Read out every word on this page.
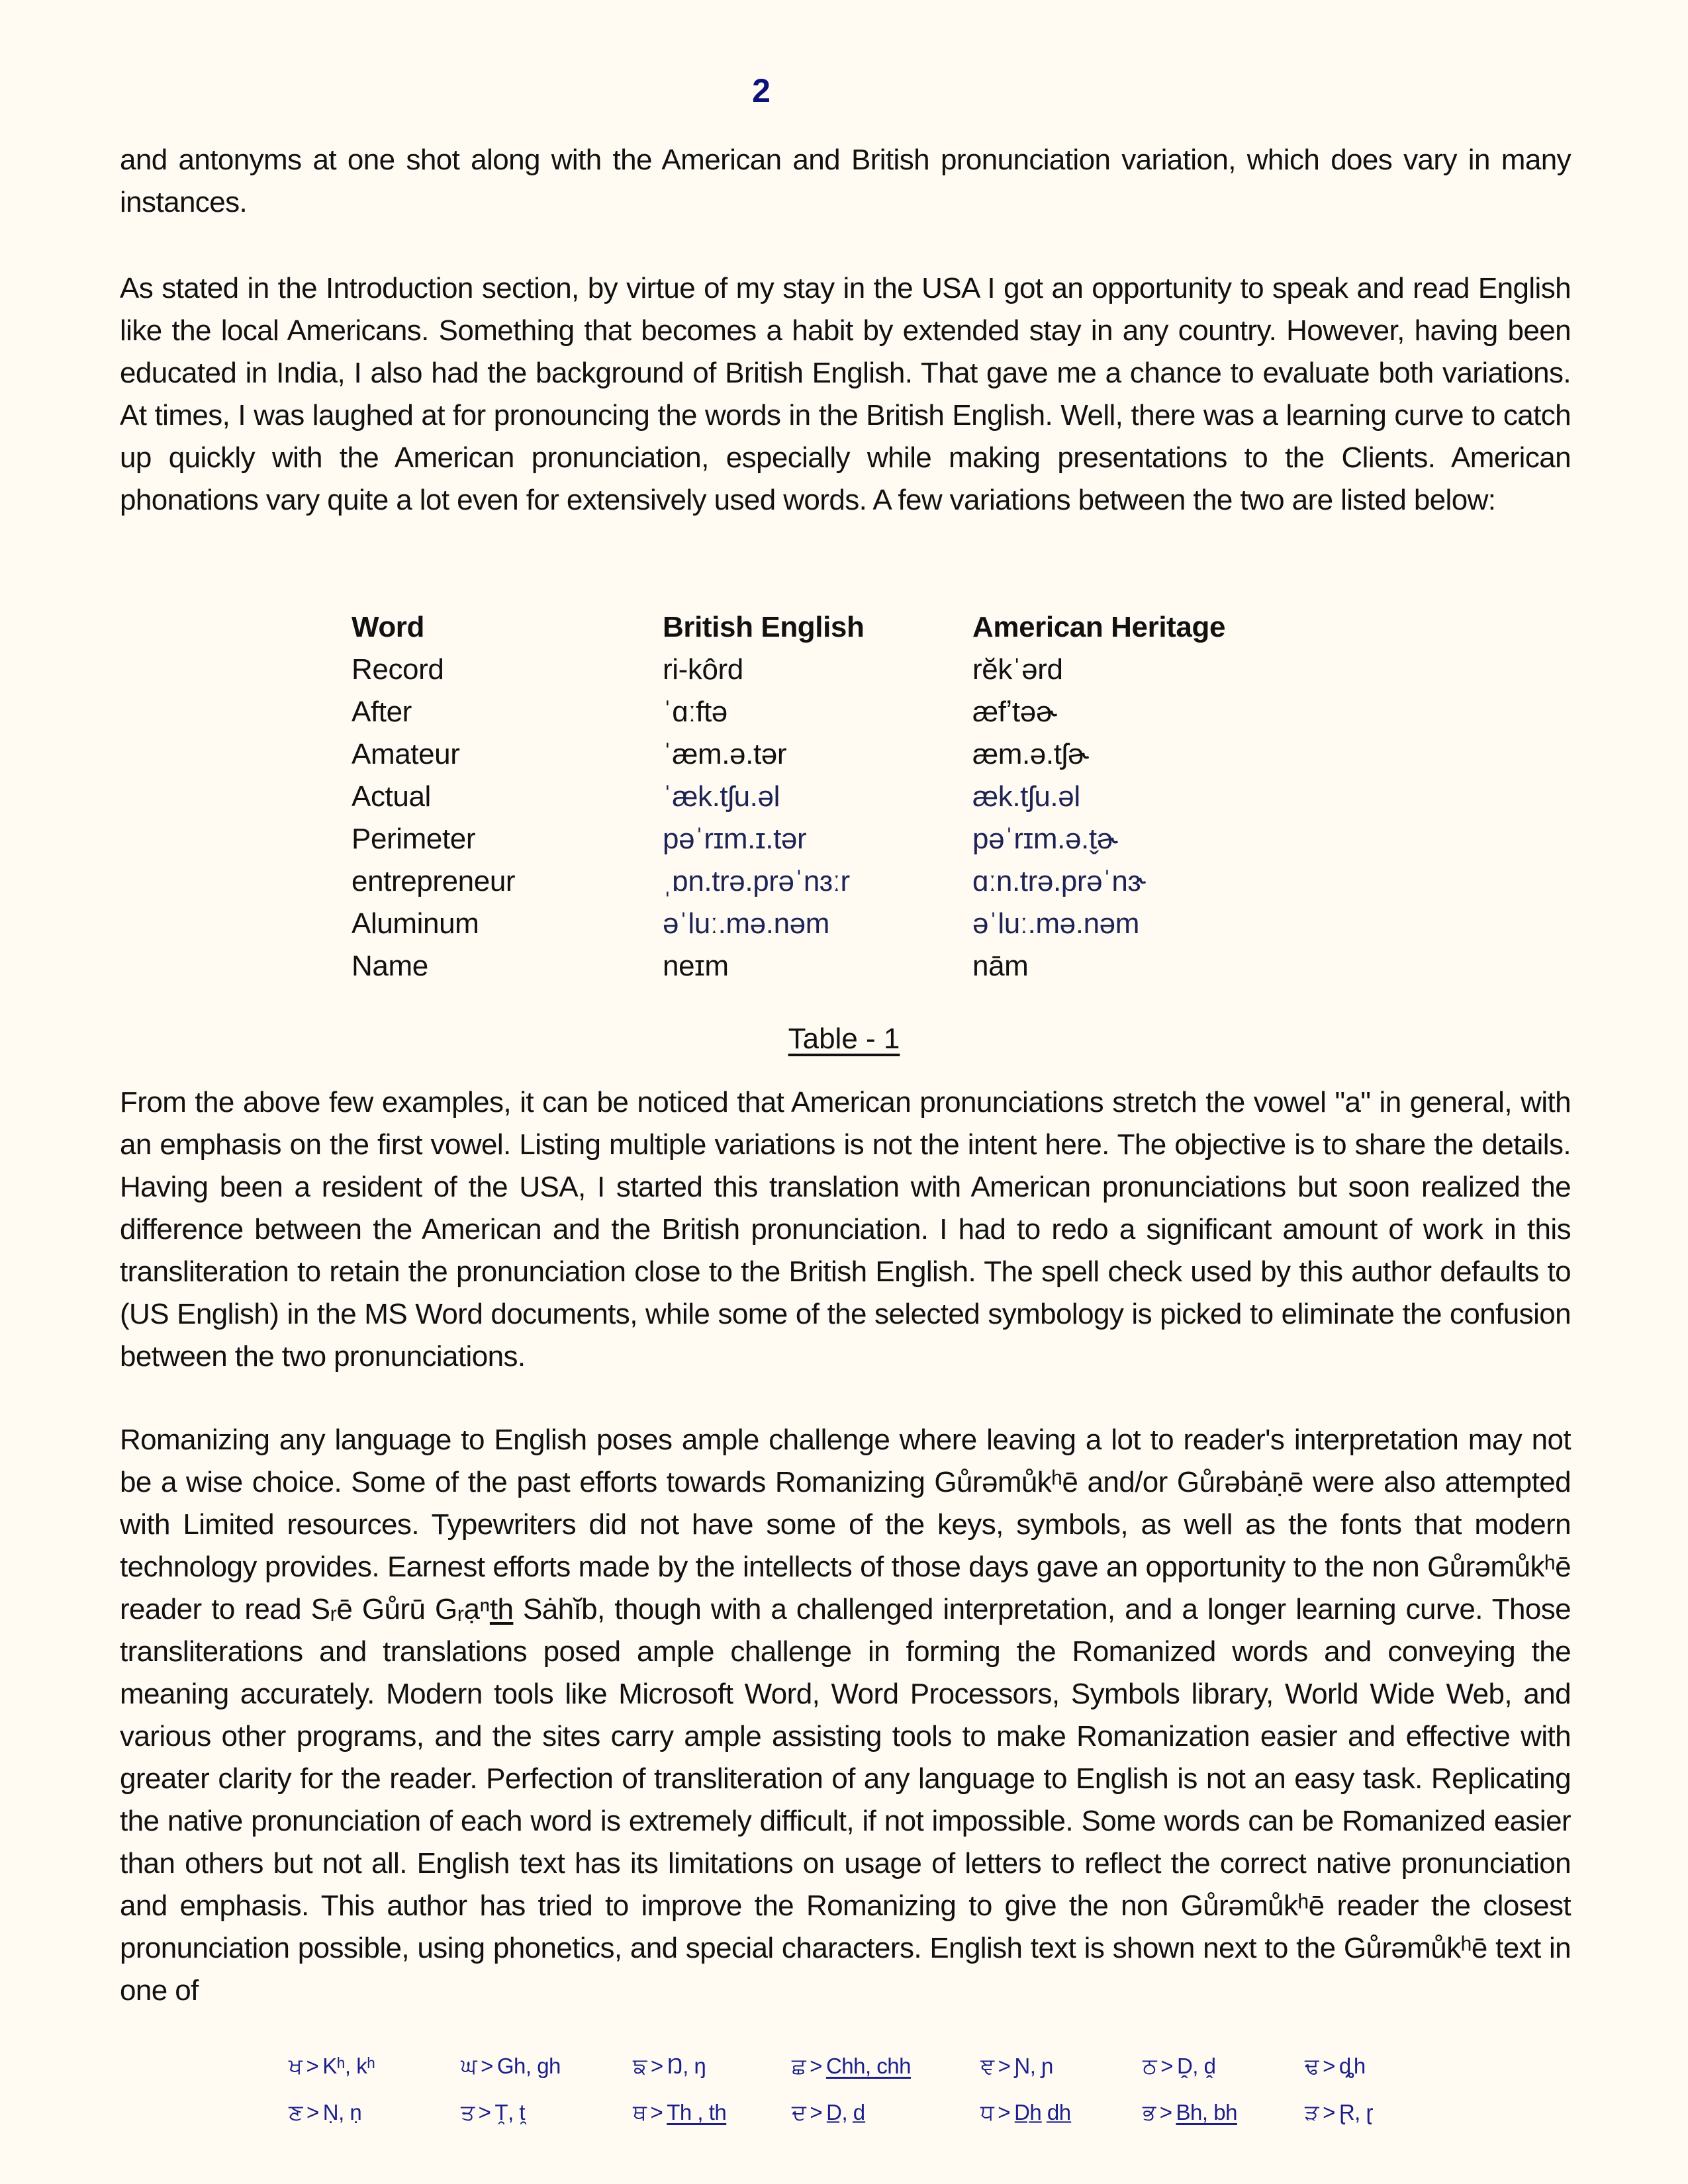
2

and antonyms at one shot along with the American and British pronunciation variation, which does vary in many instances.

As stated in the Introduction section, by virtue of my stay in the USA I got an opportunity to speak and read English like the local Americans. Something that becomes a habit by extended stay in any country. However, having been educated in India, I also had the background of British English. That gave me a chance to evaluate both variations. At times, I was laughed at for pronouncing the words in the British English. Well, there was a learning curve to catch up quickly with the American pronunciation, especially while making presentations to the Clients. American phonations vary quite a lot even for extensively used words. A few variations between the two are listed below:

Word	British English	American Heritage
Record	ri-kôrd	rĕkˈərd
After	ˈɑːftə	æfʼtəɚ
Amateur	ˈæm.ə.tər	æm.ə.tʃɚ
Actual	ˈæk.tʃu.əl	æk.tʃu.əl
Perimeter	pəˈrɪm.ɪ.tər	pəˈrɪm.ə.t̬ɚ
entrepreneur	ˌɒn.trə.prəˈnɜːr	ɑːn.trə.prəˈnɝ
Aluminum	əˈluː.mə.nəm	əˈluː.mə.nəm
Name	neɪm	nām
Table - 1

From the above few examples, it can be noticed that American pronunciations stretch the vowel "a" in general, with an emphasis on the first vowel. Listing multiple variations is not the intent here. The objective is to share the details. Having been a resident of the USA, I started this translation with American pronunciations but soon realized the difference between the American and the British pronunciation. I had to redo a significant amount of work in this transliteration to retain the pronunciation close to the British English. The spell check used by this author defaults to (US English) in the MS Word documents, while some of the selected symbology is picked to eliminate the confusion between the two pronunciations.

Romanizing any language to English poses ample challenge where leaving a lot to reader's interpretation may not be a wise choice. Some of the past efforts towards Romanizing Gůrəmůkʰē and/or Gůrəbȧṇē were also attempted with Limited resources. Typewriters did not have some of the keys, symbols, as well as the fonts that modern technology provides. Earnest efforts made by the intellects of those days gave an opportunity to the non Gůrəmůkʰē reader to read Sᵣē Gůrū Gᵣạⁿth Sȧhĭb, though with a challenged interpretation, and a longer learning curve. Those transliterations and translations posed ample challenge in forming the Romanized words and conveying the meaning accurately. Modern tools like Microsoft Word, Word Processors, Symbols library, World Wide Web, and various other programs, and the sites carry ample assisting tools to make Romanization easier and effective with greater clarity for the reader. Perfection of transliteration of any language to English is not an easy task. Replicating the native pronunciation of each word is extremely difficult, if not impossible. Some words can be Romanized easier than others but not all. English text has its limitations on usage of letters to reflect the correct native pronunciation and emphasis. This author has tried to improve the Romanizing to give the non Gůrəmůkʰē reader the closest pronunciation possible, using phonetics, and special characters. English text is shown next to the Gůrəmůkʰē text in one of

ਖ > Kʰ, kʰ	ਘ > Gh, gh	ਙ > Ŋ, ŋ	ਛ > Chh, chh	ਞ > Ɲ, ɲ	ਠ > Ḓ, ḓ	ਢ > ȡh
ਣ > Ṇ, ṇ	ਤ > T̯, t̯	ਥ > Th , th	ਦ > D̲, d̲	ਧ > D̲h̲ d̲h̲	ਭ > Bh, bh	ੜ > Ɽ, ɽ
